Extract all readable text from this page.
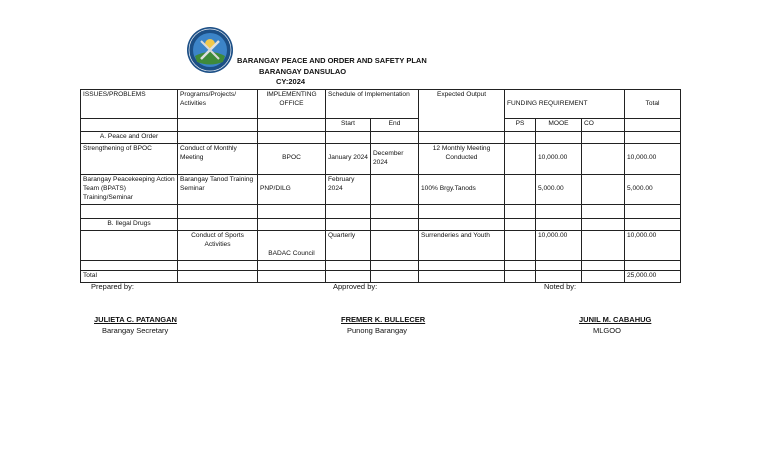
BARANGAY PEACE AND ORDER AND SAFETY PLAN
BARANGAY DANSULAO
CY:2024
ISSUES/PROBLEMS	Programs/Projects/ Activities	IMPLEMENTING OFFICE	Schedule of Implementation		Expected Output	FUNDING REQUIREMENT			Total
			Start	End		PS	MOOE	CO	
A. Peace and Order									
Strengthening of BPOC	Conduct of Monthly Meeting	BPOC	January 2024	December 2024	12 Monthly Meeting Conducted		10,000.00		10,000.00
Barangay Peacekeeping Action Team (BPATS) Training/Seminar	Barangay Tanod Training Seminar	PNP/DILG	February 2024		100% Brgy.Tanods		5,000.00		5,000.00

B. Ilegal Drugs									
	Conduct of Sports Activities	BADAC Council	Quarterly		Surrenderies and Youth		10,000.00		10,000.00

Total									25,000.00
Prepared by:	Approved by:	Noted by:
JULIETA C. PATANGAN
Barangay Secretary
FREMER K. BULLECER
Punong Barangay
JUNIL M. CABAHUG
MLGOO
